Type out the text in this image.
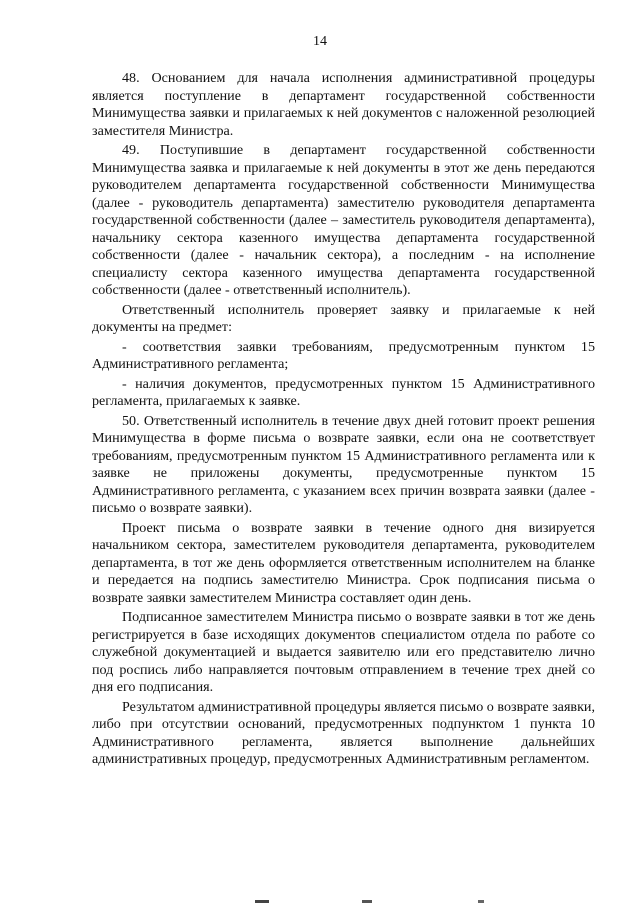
14

48. Основанием для начала исполнения административной процедуры является поступление в департамент государственной собственности Минимущества заявки и прилагаемых к ней документов с наложенной резолюцией заместителя Министра.

49. Поступившие в департамент государственной собственности Минимущества заявка и прилагаемые к ней документы в этот же день передаются руководителем департамента государственной собственности Минимущества (далее - руководитель департамента) заместителю руководителя департамента государственной собственности (далее – заместитель руководителя департамента), начальнику сектора казенного имущества департамента государственной собственности (далее - начальник сектора), а последним - на исполнение специалисту сектора казенного имущества департамента государственной собственности (далее - ответственный исполнитель).

Ответственный исполнитель проверяет заявку и прилагаемые к ней документы на предмет:

- соответствия заявки требованиям, предусмотренным пунктом 15 Административного регламента;

- наличия документов, предусмотренных пунктом 15 Административного регламента, прилагаемых к заявке.

50. Ответственный исполнитель в течение двух дней готовит проект решения Минимущества в форме письма о возврате заявки, если она не соответствует требованиям, предусмотренным пунктом 15 Административного регламента или к заявке не приложены документы, предусмотренные пунктом 15 Административного регламента, с указанием всех причин возврата заявки (далее - письмо о возврате заявки).

Проект письма о возврате заявки в течение одного дня визируется начальником сектора, заместителем руководителя департамента, руководителем департамента, в тот же день оформляется ответственным исполнителем на бланке и передается на подпись заместителю Министра. Срок подписания письма о возврате заявки заместителем Министра составляет один день.

Подписанное заместителем Министра письмо о возврате заявки в тот же день регистрируется в базе исходящих документов специалистом отдела по работе со служебной документацией и выдается заявителю или его представителю лично под роспись либо направляется почтовым отправлением в течение трех дней со дня его подписания.

Результатом административной процедуры является письмо о возврате заявки, либо при отсутствии оснований, предусмотренных подпунктом 1 пункта 10 Административного регламента, является выполнение дальнейших административных процедур, предусмотренных Административным регламентом.
